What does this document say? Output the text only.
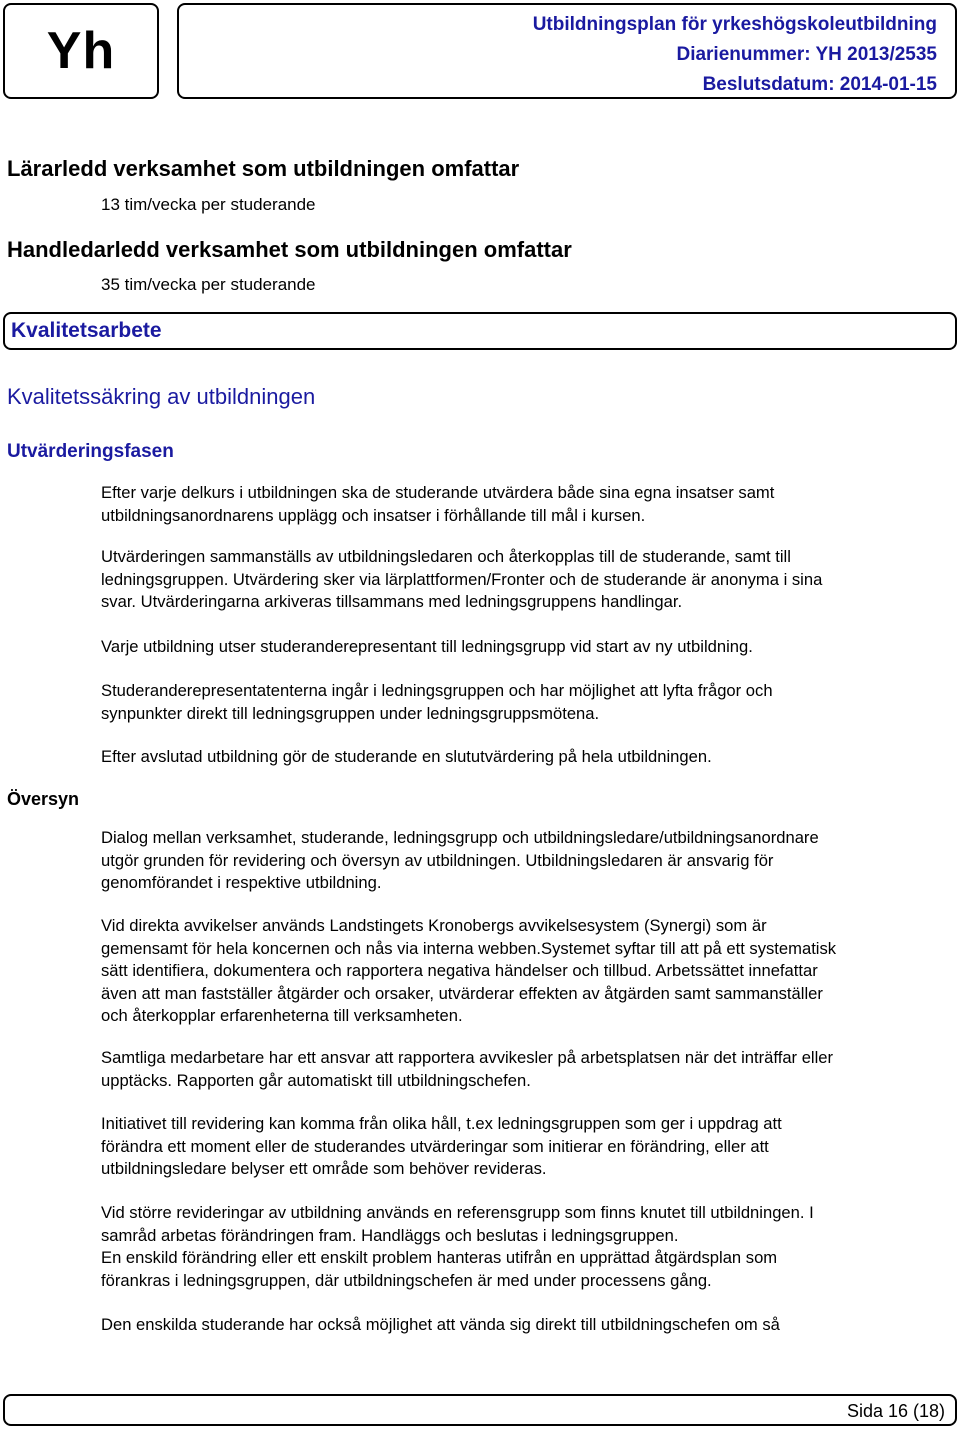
Yh	Utbildningsplan för yrkeshögskoleutbildning
Diarienummer: YH 2013/2535
Beslutsdatum: 2014-01-15
Lärarledd verksamhet som utbildningen omfattar
13 tim/vecka per studerande
Handledarledd verksamhet som utbildningen omfattar
35 tim/vecka per studerande
Kvalitetsarbete
Kvalitetssäkring av utbildningen
Utvärderingsfasen

Efter varje delkurs i utbildningen ska de studerande utvärdera både sina egna insatser samt

utbildningsanordnarens upplägg och insatser i förhållande till mål i kursen.

Utvärderingen sammanställs av utbildningsledaren och återkopplas till de studerande, samt till

ledningsgruppen. Utvärdering sker via lärplattformen/Fronter och de studerande är anonyma i sina

svar. Utvärderingarna arkiveras tillsammans med ledningsgruppens handlingar.

Varje utbildning utser studeranderepresentant till ledningsgrupp vid start av ny utbildning.

Studeranderepresentatenterna ingår i ledningsgruppen och har möjlighet att lyfta frågor och

synpunkter direkt till ledningsgruppen under ledningsgruppsmötena.

Efter avslutad utbildning gör de studerande en slututvärdering på hela utbildningen.

Översyn

Dialog mellan verksamhet, studerande, ledningsgrupp och utbildningsledare/utbildningsanordnare

utgör grunden för revidering och översyn av utbildningen. Utbildningsledaren är ansvarig för

genomförandet i respektive utbildning.

Vid direkta avvikelser används Landstingets Kronobergs avvikelsesystem (Synergi) som är

gemensamt för hela koncernen och nås via interna webben.Systemet syftar till att på ett systematisk

sätt identifiera, dokumentera och rapportera negativa händelser och tillbud. Arbetssättet innefattar

även att man fastställer åtgärder och orsaker, utvärderar effekten av åtgärden samt sammanställer

och återkopplar erfarenheterna till verksamheten.

Samtliga medarbetare har ett ansvar att rapportera avvikesler på arbetsplatsen när det inträffar eller

upptäcks. Rapporten går automatiskt till utbildningschefen.

Initiativet till revidering kan komma från olika håll, t.ex ledningsgruppen som ger i uppdrag att

förändra ett moment eller de studerandes utvärderingar som initierar en förändring, eller att

utbildningsledare belyser ett område som behöver revideras.

Vid större revideringar av utbildning används en referensgrupp som finns knutet till utbildningen. I

samråd arbetas förändringen fram. Handläggs och beslutas i ledningsgruppen.

En enskild förändring eller ett enskilt problem hanteras utifrån en upprättad åtgärdsplan som

förankras i ledningsgruppen, där utbildningschefen är med under processens gång.

Den enskilda studerande har också möjlighet att vända sig direkt till utbildningschefen om så

Sida 16 (18)
